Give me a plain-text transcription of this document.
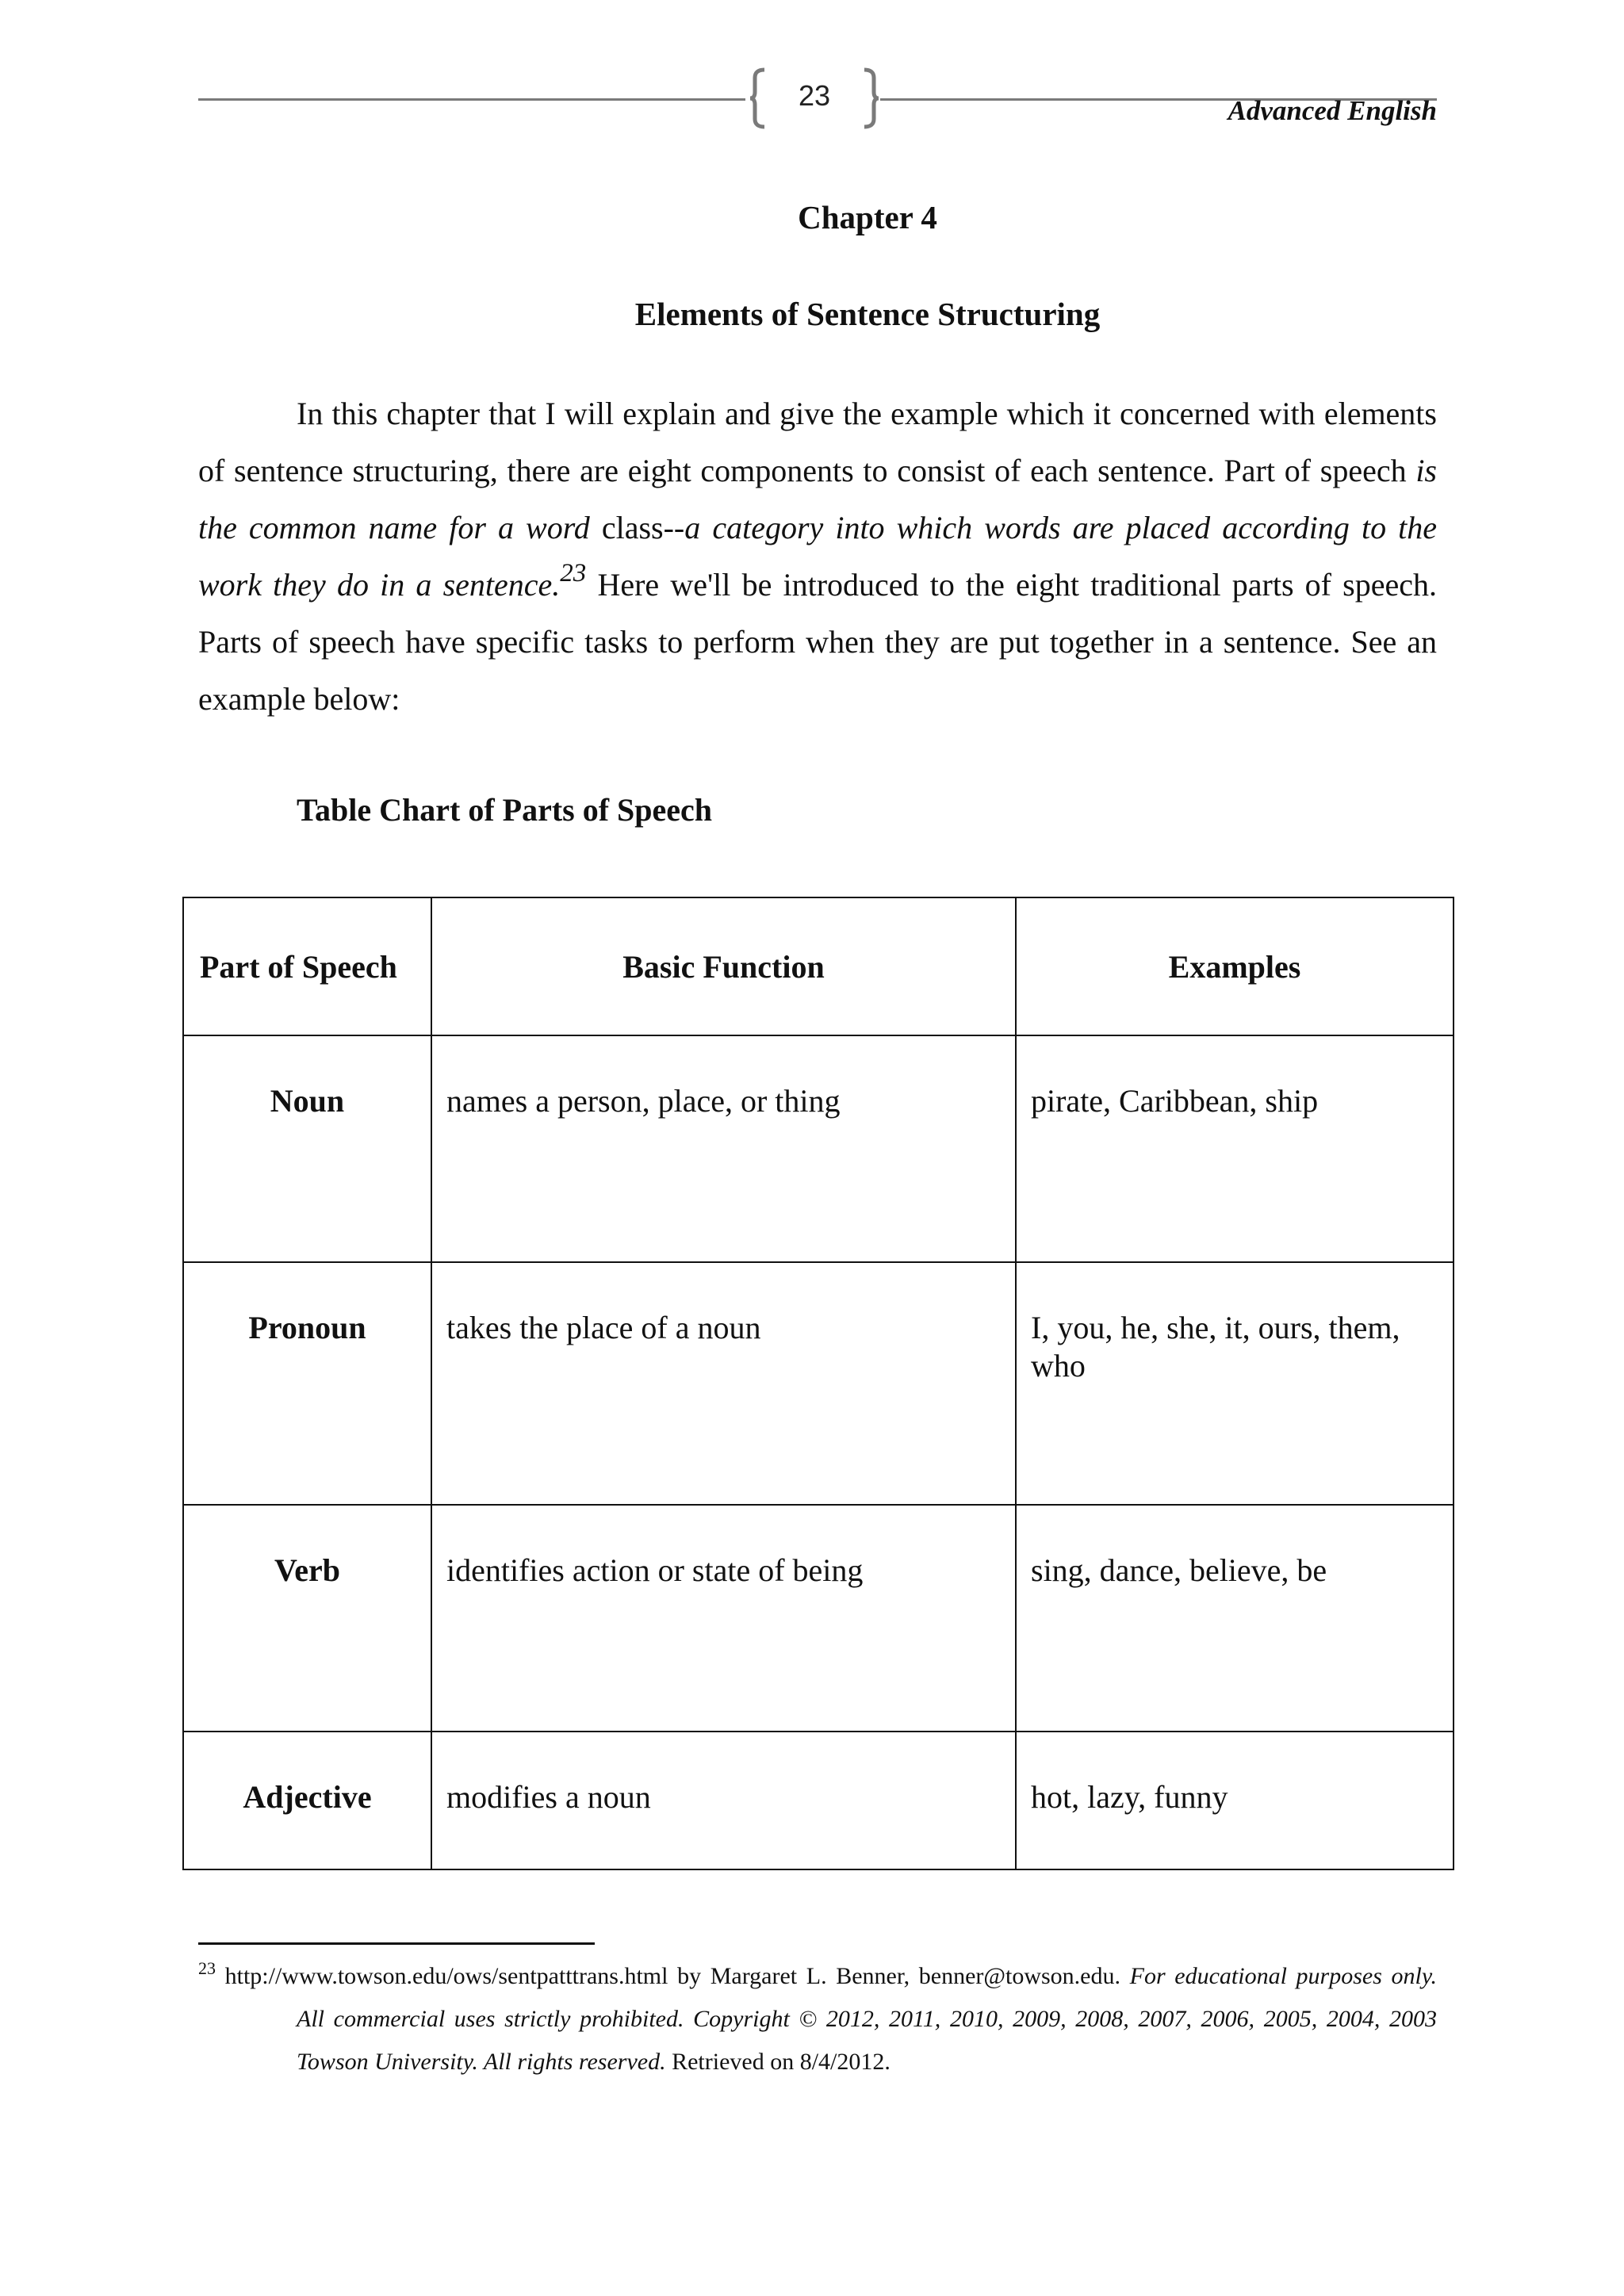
23	Advanced English
Chapter 4
Elements of Sentence Structuring

In this chapter that I will explain and give the example which it concerned with elements of sentence structuring, there are eight components to consist of each sentence. Part of speech is the common name for a word class--a category into which words are placed according to the work they do in a sentence.$^{23}$ Here we'll be introduced to the eight traditional parts of speech. Parts of speech have specific tasks to perform when they are put together in a sentence. See an example below:

Table Chart of Parts of Speech
Part of Speech	Basic Function	Examples
Noun	names a person, place, or thing	pirate, Caribbean, ship
Pronoun	takes the place of a noun	I, you, he, she, it, ours, them, who
Verb	identifies action or state of being	sing, dance, believe, be
Adjective	modifies a noun	hot, lazy, funny

$^{23}$ http://www.towson.edu/ows/sentpatttrans.html by Margaret L. Benner, benner@towson.edu. For educational purposes only. All commercial uses strictly prohibited. Copyright © 2012, 2011, 2010, 2009, 2008, 2007, 2006, 2005, 2004, 2003 Towson University. All rights reserved. Retrieved on 8/4/2012.
